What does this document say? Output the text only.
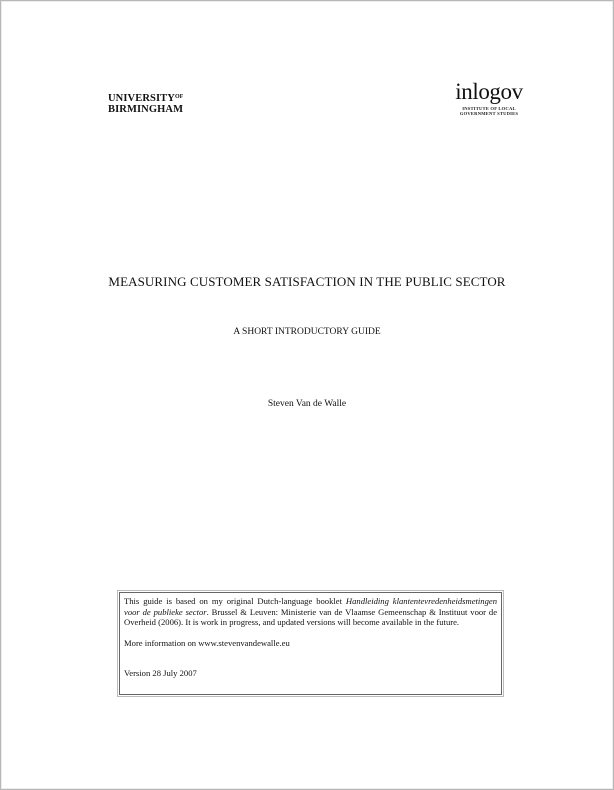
$UNIVERSITY^{OF}$
BIRMINGHAM
inlogov
INSTITUTE OF LOCAL
GOVERNMENT STUDIES
MEASURING CUSTOMER SATISFACTION IN THE PUBLIC SECTOR
A SHORT INTRODUCTORY GUIDE
Steven Van de Walle

This guide is based on my original Dutch-language booklet Handleiding klantentevredenheidsmetingen voor de publieke sector. Brussel & Leuven: Ministerie van de Vlaamse Gemeenschap & Instituut voor de Overheid (2006). It is work in progress, and updated versions will become available in the future.

More information on www.stevenvandewalle.eu

Version 28 July 2007
